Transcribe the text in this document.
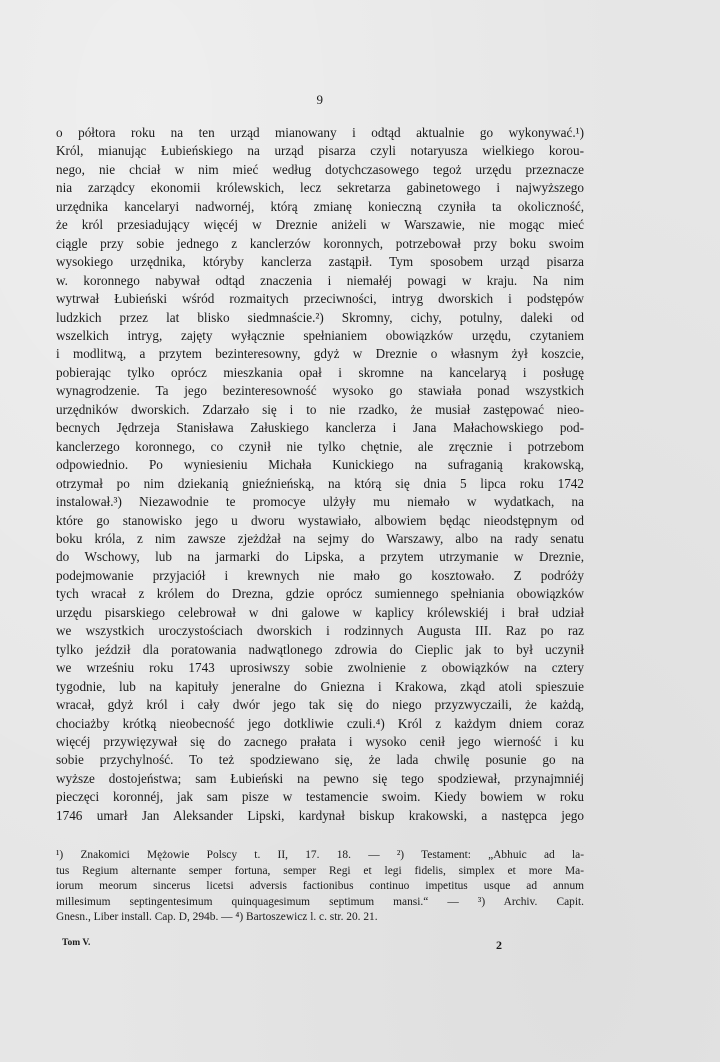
9
o półtora roku na ten urząd mianowany i odtąd aktualnie go wykonywać.¹)
Król, mianując Łubieńskiego na urząd pisarza czyli notaryusza wielkiego korou-
nego, nie chciał w nim mieć według dotychczasowego tegoż urzędu przeznacze
nia zarządcy ekonomii królewskich, lecz sekretarza gabinetowego i najwyższego
urzędnika kancelaryi nadwornéj, którą zmianę konieczną czyniła ta okoliczność,
że król przesiadujący więcéj w Dreznie aniżeli w Warszawie, nie mogąc mieć
ciągle przy sobie jednego z kanclerzów koronnych, potrzebował przy boku swoim
wysokiego urzędnika, któryby kanclerza zastąpił. Tym sposobem urząd pisarza
w. koronnego nabywał odtąd znaczenia i niemałéj powagi w kraju. Na nim
wytrwał Łubieński wśród rozmaitych przeciwności, intryg dworskich i podstępów
ludzkich przez lat blisko siedmnaście.²) Skromny, cichy, potulny, daleki od
wszelkich intryg, zajęty wyłącznie spełnianiem obowiązków urzędu, czytaniem
i modlitwą, a przytem bezinteresowny, gdyż w Dreznie o własnym żył koszcie,
pobierając tylko oprócz mieszkania opał i skromne na kancelaryą i posługę
wynagrodzenie. Ta jego bezinteresowność wysoko go stawiała ponad wszystkich
urzędników dworskich. Zdarzało się i to nie rzadko, że musiał zastępować nieo-
becnych Jędrzeja Stanisława Załuskiego kanclerza i Jana Małachowskiego pod-
kanclerzego koronnego, co czynił nie tylko chętnie, ale zręcznie i potrzebom
odpowiednio. Po wyniesieniu Michała Kunickiego na sufraganią krakowską,
otrzymał po nim dziekanią gnieźnieńską, na którą się dnia 5 lipca roku 1742
instalował.³) Niezawodnie te promocye ulżyły mu niemało w wydatkach, na
które go stanowisko jego u dworu wystawiało, albowiem będąc nieodstępnym od
boku króla, z nim zawsze zjeżdżał na sejmy do Warszawy, albo na rady senatu
do Wschowy, lub na jarmarki do Lipska, a przytem utrzymanie w Dreznie,
podejmowanie przyjaciół i krewnych nie mało go kosztowało. Z podróży
tych wracał z królem do Drezna, gdzie oprócz sumiennego spełniania obowiązków
urzędu pisarskiego celebrował w dni galowe w kaplicy królewskiéj i brał udział
we wszystkich uroczystościach dworskich i rodzinnych Augusta III. Raz po raz
tylko jeździł dla poratowania nadwątlonego zdrowia do Cieplic jak to był uczynił
we wrześniu roku 1743 uprosiwszy sobie zwolnienie z obowiązków na cztery
tygodnie, lub na kapituły jeneralne do Gniezna i Krakowa, zkąd atoli spieszuie
wracał, gdyż król i cały dwór jego tak się do niego przyzwyczaili, że każdą,
chociażby krótką nieobecność jego dotkliwie czuli.⁴) Król z każdym dniem coraz
więcéj przywięzywał się do zacnego prałata i wysoko cenił jego wierność i ku
sobie przychylność. To też spodziewano się, że lada chwilę posunie go na
wyższe dostojeństwa; sam Łubieński na pewno się tego spodziewał, przynajmniéj
pieczęci koronnéj, jak sam pisze w testamencie swoim. Kiedy bowiem w roku
1746 umarł Jan Aleksander Lipski, kardynał biskup krakowski, a następca jego
¹) Znakomici Mężowie Polscy t. II, 17. 18. — ²) Testament: „Abhuic ad la-
tus Regium alternante semper fortuna, semper Regi et legi fidelis, simplex et more Ma-
iorum meorum sincerus licetsi adversis factionibus continuo impetitus usque ad annum
millesimum septingentesimum quinquagesimum septimum mansi.“ — ³) Archiv. Capit.
Gnesn., Liber install. Cap. D, 294b. — ⁴) Bartoszewicz l. c. str. 20. 21.
Tom V.	2
